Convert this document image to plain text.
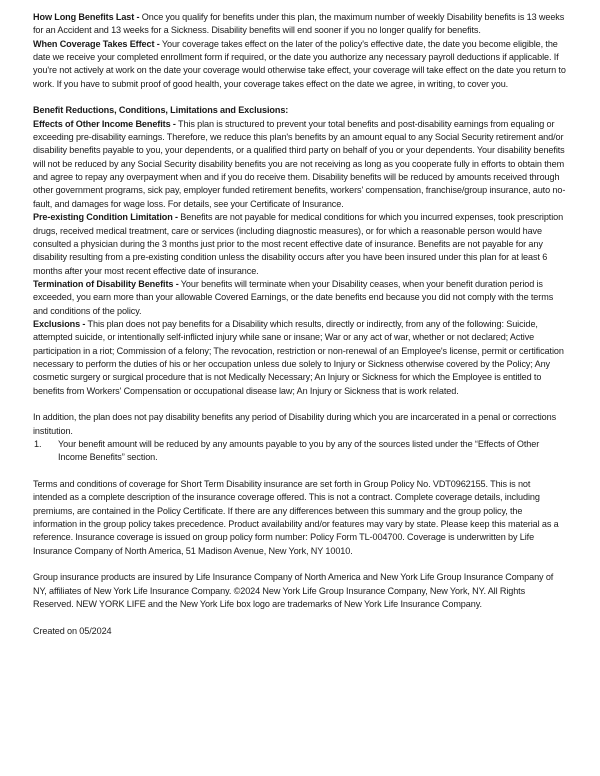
How Long Benefits Last - Once you qualify for benefits under this plan, the maximum number of weekly Disability benefits is 13 weeks for an Accident and 13 weeks for a Sickness. Disability benefits will end sooner if you no longer qualify for benefits.

When Coverage Takes Effect - Your coverage takes effect on the later of the policy's effective date, the date you become eligible, the date we receive your completed enrollment form if required, or the date you authorize any necessary payroll deductions if applicable. If you're not actively at work on the date your coverage would otherwise take effect, your coverage will take effect on the date you return to work. If you have to submit proof of good health, your coverage takes effect on the date we agree, in writing, to cover you.

Benefit Reductions, Conditions, Limitations and Exclusions:

Effects of Other Income Benefits - This plan is structured to prevent your total benefits and post-disability earnings from equaling or exceeding pre-disability earnings. Therefore, we reduce this plan's benefits by an amount equal to any Social Security retirement and/or disability benefits payable to you, your dependents, or a qualified third party on behalf of you or your dependents. Your disability benefits will not be reduced by any Social Security disability benefits you are not receiving as long as you cooperate fully in efforts to obtain them and agree to repay any overpayment when and if you do receive them. Disability benefits will be reduced by amounts received through other government programs, sick pay, employer funded retirement benefits, workers' compensation, franchise/group insurance, auto no-fault, and damages for wage loss. For details, see your Certificate of Insurance.

Pre-existing Condition Limitation - Benefits are not payable for medical conditions for which you incurred expenses, took prescription drugs, received medical treatment, care or services (including diagnostic measures), or for which a reasonable person would have consulted a physician during the 3 months just prior to the most recent effective date of insurance. Benefits are not payable for any disability resulting from a pre-existing condition unless the disability occurs after you have been insured under this plan for at least 6 months after your most recent effective date of insurance.

Termination of Disability Benefits - Your benefits will terminate when your Disability ceases, when your benefit duration period is exceeded, you earn more than your allowable Covered Earnings, or the date benefits end because you did not comply with the terms and conditions of the policy.

Exclusions - This plan does not pay benefits for a Disability which results, directly or indirectly, from any of the following: Suicide, attempted suicide, or intentionally self-inflicted injury while sane or insane; War or any act of war, whether or not declared; Active participation in a riot; Commission of a felony; The revocation, restriction or non-renewal of an Employee's license, permit or certification necessary to perform the duties of his or her occupation unless due solely to Injury or Sickness otherwise covered by the Policy; Any cosmetic surgery or surgical procedure that is not Medically Necessary; An Injury or Sickness for which the Employee is entitled to benefits from Workers' Compensation or occupational disease law; An Injury or Sickness that is work related.

In addition, the plan does not pay disability benefits any period of Disability during which you are incarcerated in a penal or corrections institution.

1.	Your benefit amount will be reduced by any amounts payable to you by any of the sources listed under the “Effects of Other Income Benefits” section.

Terms and conditions of coverage for Short Term Disability insurance are set forth in Group Policy No. VDT0962155. This is not intended as a complete description of the insurance coverage offered. This is not a contract. Complete coverage details, including premiums, are contained in the Policy Certificate. If there are any differences between this summary and the group policy, the information in the group policy takes precedence. Product availability and/or features may vary by state. Please keep this material as a reference. Insurance coverage is issued on group policy form number: Policy Form TL-004700. Coverage is underwritten by Life Insurance Company of North America, 51 Madison Avenue, New York, NY 10010.

Group insurance products are insured by Life Insurance Company of North America and New York Life Group Insurance Company of NY, affiliates of New York Life Insurance Company. ©2024 New York Life Group Insurance Company, New York, NY. All Rights Reserved. NEW YORK LIFE and the New York Life box logo are trademarks of New York Life Insurance Company.

Created on 05/2024
